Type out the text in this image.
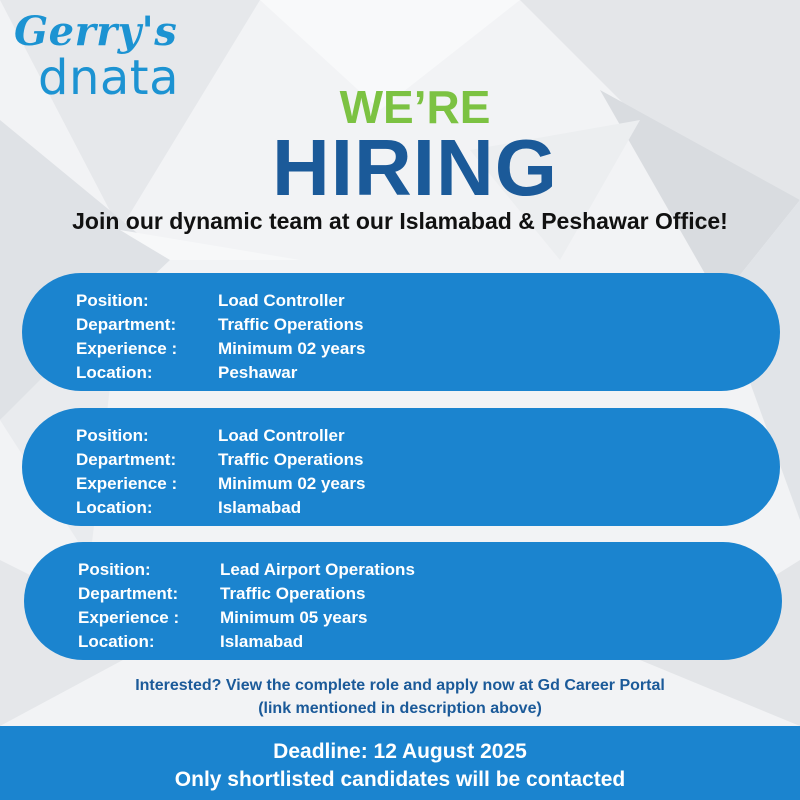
Gerry's
dnata
WE’RE
HIRING
Join our dynamic team at our Islamabad & Peshawar Office!
Position:	Load Controller
Department: Traffic Operations
Experience : Minimum 02 years
Location:	Peshawar
Position:	Load Controller
Department: Traffic Operations
Experience : Minimum 02 years
Location:	Islamabad
Position:	Lead Airport Operations
Department: Traffic Operations
Experience : Minimum 05 years
Location:	Islamabad
Interested? View the complete role and apply now at Gd Career Portal
(link mentioned in description above)
Deadline: 12 August 2025
Only shortlisted candidates will be contacted
